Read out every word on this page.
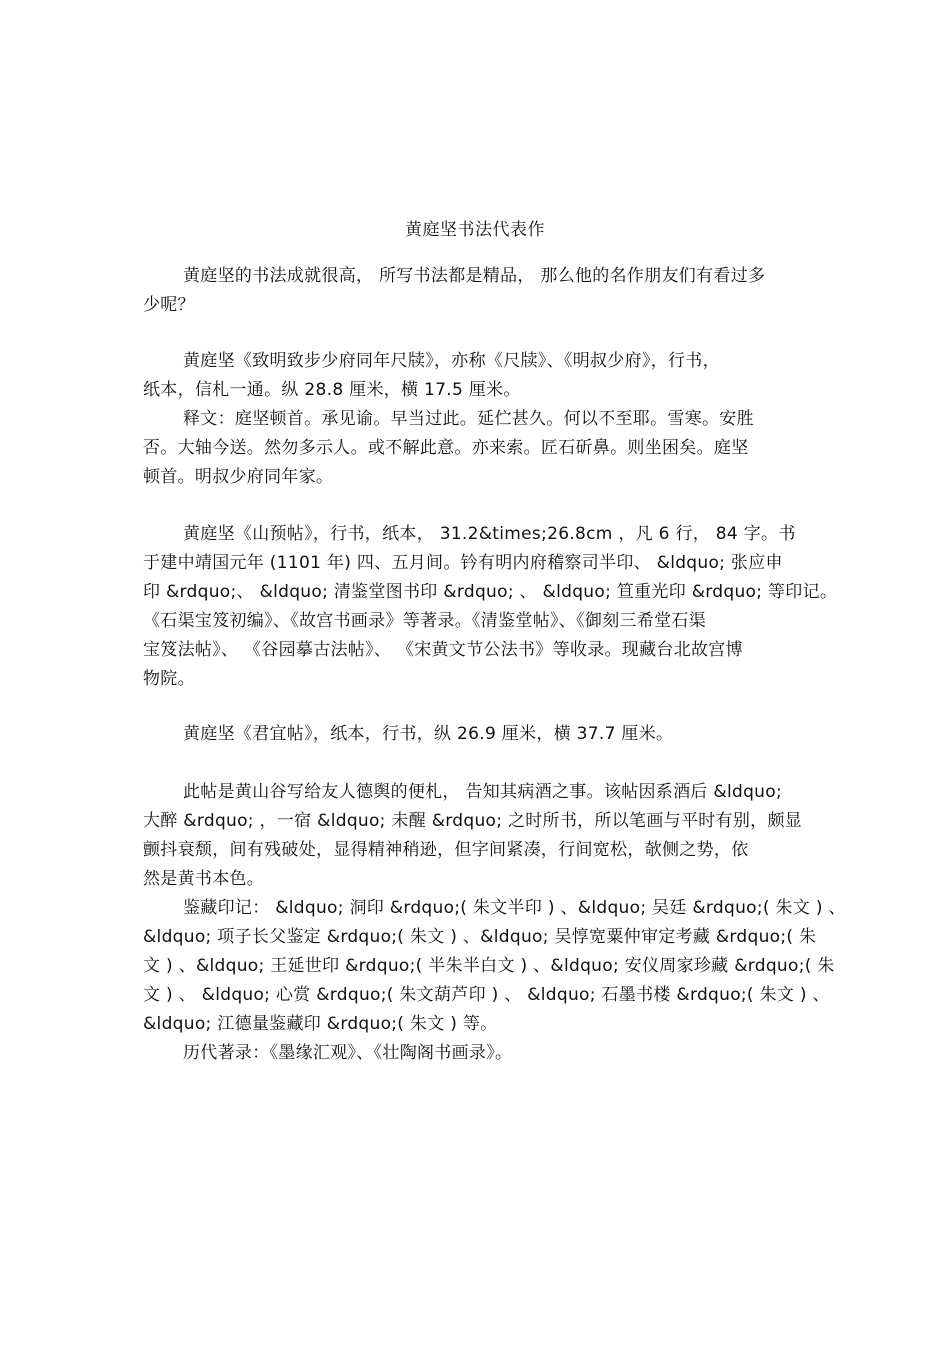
黄庭坚书法代表作
黄庭坚的书法成就很高， 所写书法都是精品， 那么他的名作朋友们有看过多
少呢？
黄庭坚《致明致步少府同年尺牍》，亦称《尺牍》、《明叔少府》，行书，
纸本，信札一通。纵 28.8 厘米，横 17.5 厘米。
释文：庭坚顿首。承见谕。早当过此。延伫甚久。何以不至耶。雪寒。安胜
否。大轴今送。然勿多示人。或不解此意。亦来索。匠石斫鼻。则坐困矣。庭坚
顿首。明叔少府同年家。
黄庭坚《山预帖》，行书，纸本， 31.2&times;26.8cm ，凡 6 行， 84 字。书
于建中靖国元年 (1101 年) 四、五月间。钤有明内府稽察司半印、 &ldquo; 张应申
印 &rdquo;、 &ldquo; 清鉴堂图书印 &rdquo; 、 &ldquo; 笪重光印 &rdquo; 等印记。
《石渠宝笈初编》、《故宫书画录》等著录。《清鉴堂帖》、《御刻三希堂石渠
宝笈法帖》、 《谷园摹古法帖》、 《宋黄文节公法书》等收录。现藏台北故宫博
物院。
黄庭坚《君宜帖》，纸本，行书，纵 26.9 厘米，横 37.7 厘米。
此帖是黄山谷写给友人德舆的便札， 告知其病酒之事。该帖因系酒后 &ldquo;
大醉 &rdquo; ，一宿 &ldquo; 未醒 &rdquo; 之时所书，所以笔画与平时有别，颇显
颤抖衰颓，间有残破处，显得精神稍逊，但字间紧凑，行间宽松，欹侧之势，依
然是黄书本色。
鉴藏印记： &ldquo; 洞印 &rdquo;( 朱文半印 ) 、&ldquo; 吴廷 &rdquo;( 朱文 ) 、
&ldquo; 项子长父鉴定 &rdquo;( 朱文 ) 、&ldquo; 吴惇宽粟仲审定考藏 &rdquo;( 朱
文 ) 、&ldquo; 王延世印 &rdquo;( 半朱半白文 ) 、&ldquo; 安仪周家珍藏 &rdquo;( 朱
文 ) 、 &ldquo; 心赏 &rdquo;( 朱文葫芦印 ) 、 &ldquo; 石墨书楼 &rdquo;( 朱文 ) 、
&ldquo; 江德量鉴藏印 &rdquo;( 朱文 ) 等。
历代著录：《墨缘汇观》、《壮陶阁书画录》。
